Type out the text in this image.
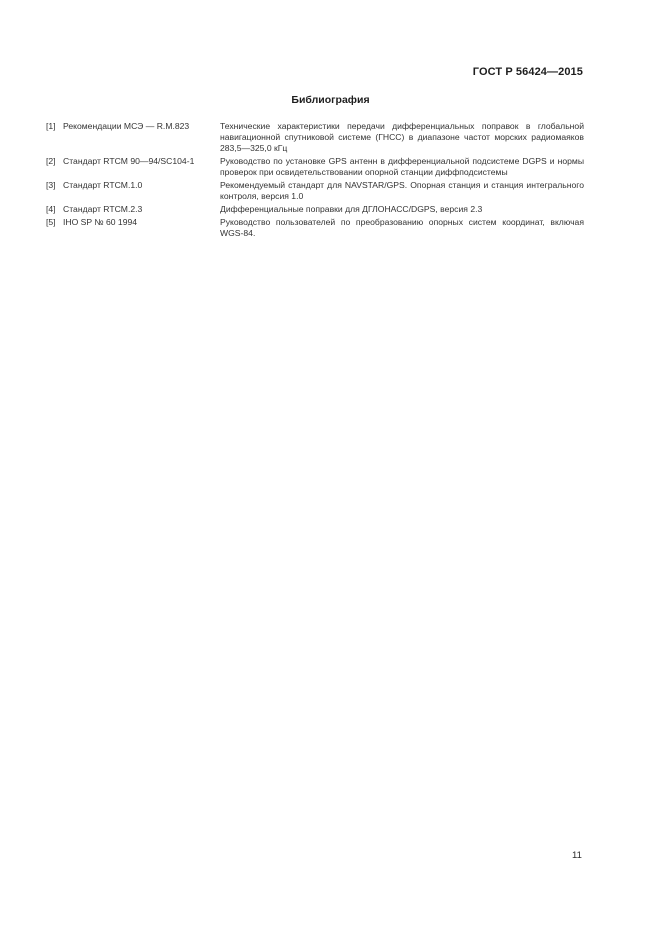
ГОСТ Р 56424—2015
Библиография
[1]	Рекомендации МСЭ — R.M.823	Технические характеристики передачи дифференциальных поправок в глобальной навигационной спутниковой системе (ГНСС) в диапазоне частот морских радиомаяков 283,5—325,0 кГц
[2]	Стандарт RTCM 90—94/SC104-1	Руководство по установке GPS антенн в дифференциальной подсистеме DGPS и нормы проверок при освидетельствовании опорной станции диффподсистемы
[3]	Стандарт RTCM.1.0	Рекомендуемый стандарт для NAVSTAR/GPS. Опорная станция и станция интегрального контроля, версия 1.0
[4]	Стандарт RTCM.2.3	Дифференциальные поправки для ДГЛОНАСС/DGPS, версия 2.3
[5]	IHO SP № 60 1994	Руководство пользователей по преобразованию опорных систем координат, включая WGS-84.
11
